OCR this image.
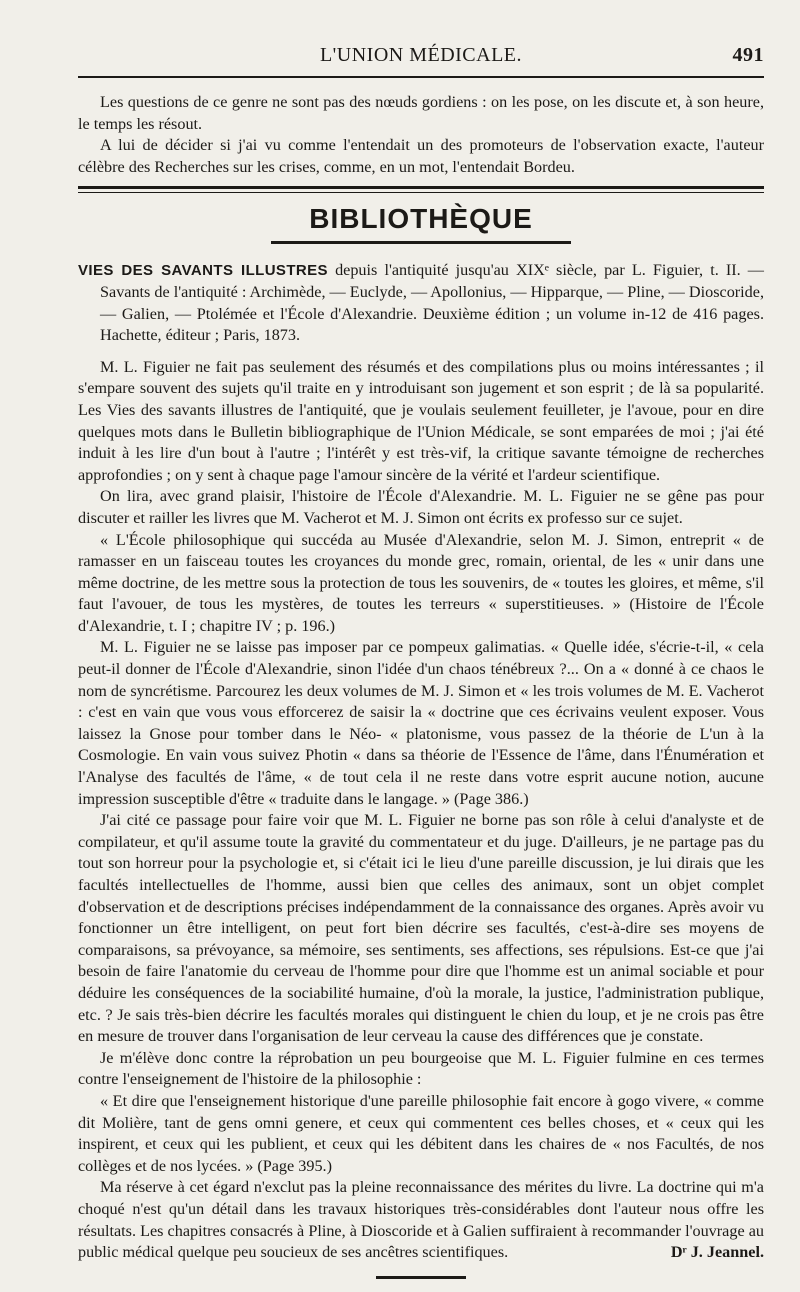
L'UNION MÉDICALE.	491

Les questions de ce genre ne sont pas des nœuds gordiens : on les pose, on les discute et, à son heure, le temps les résout.

A lui de décider si j'ai vu comme l'entendait un des promoteurs de l'observation exacte, l'auteur célèbre des Recherches sur les crises, comme, en un mot, l'entendait Bordeu.

BIBLIOTHÈQUE
VIES DES SAVANTS ILLUSTRES depuis l'antiquité jusqu'au XIXᵉ siècle, par L. Figuier, t. II. — Savants de l'antiquité : Archimède, — Euclyde, — Apollonius, — Hipparque, — Pline, — Dioscoride, — Galien, — Ptolémée et l'École d'Alexandrie. Deuxième édition ; un volume in-12 de 416 pages. Hachette, éditeur ; Paris, 1873.

M. L. Figuier ne fait pas seulement des résumés et des compilations plus ou moins intéressantes ; il s'empare souvent des sujets qu'il traite en y introduisant son jugement et son esprit ; de là sa popularité. Les Vies des savants illustres de l'antiquité, que je voulais seulement feuilleter, je l'avoue, pour en dire quelques mots dans le Bulletin bibliographique de l'Union Médicale, se sont emparées de moi ; j'ai été induit à les lire d'un bout à l'autre ; l'intérêt y est très-vif, la critique savante témoigne de recherches approfondies ; on y sent à chaque page l'amour sincère de la vérité et l'ardeur scientifique.

On lira, avec grand plaisir, l'histoire de l'École d'Alexandrie. M. L. Figuier ne se gêne pas pour discuter et railler les livres que M. Vacherot et M. J. Simon ont écrits ex professo sur ce sujet.

« L'École philosophique qui succéda au Musée d'Alexandrie, selon M. J. Simon, entreprit « de ramasser en un faisceau toutes les croyances du monde grec, romain, oriental, de les « unir dans une même doctrine, de les mettre sous la protection de tous les souvenirs, de « toutes les gloires, et même, s'il faut l'avouer, de tous les mystères, de toutes les terreurs « superstitieuses. » (Histoire de l'École d'Alexandrie, t. I ; chapitre IV ; p. 196.)

M. L. Figuier ne se laisse pas imposer par ce pompeux galimatias. « Quelle idée, s'écrie-t-il, « cela peut-il donner de l'École d'Alexandrie, sinon l'idée d'un chaos ténébreux ?... On a « donné à ce chaos le nom de syncrétisme. Parcourez les deux volumes de M. J. Simon et « les trois volumes de M. E. Vacherot : c'est en vain que vous vous efforcerez de saisir la « doctrine que ces écrivains veulent exposer. Vous laissez la Gnose pour tomber dans le Néo- « platonisme, vous passez de la théorie de L'un à la Cosmologie. En vain vous suivez Photin « dans sa théorie de l'Essence de l'âme, dans l'Énumération et l'Analyse des facultés de l'âme, « de tout cela il ne reste dans votre esprit aucune notion, aucune impression susceptible d'être « traduite dans le langage. » (Page 386.)

J'ai cité ce passage pour faire voir que M. L. Figuier ne borne pas son rôle à celui d'analyste et de compilateur, et qu'il assume toute la gravité du commentateur et du juge. D'ailleurs, je ne partage pas du tout son horreur pour la psychologie et, si c'était ici le lieu d'une pareille discussion, je lui dirais que les facultés intellectuelles de l'homme, aussi bien que celles des animaux, sont un objet complet d'observation et de descriptions précises indépendamment de la connaissance des organes. Après avoir vu fonctionner un être intelligent, on peut fort bien décrire ses facultés, c'est-à-dire ses moyens de comparaisons, sa prévoyance, sa mémoire, ses sentiments, ses affections, ses répulsions. Est-ce que j'ai besoin de faire l'anatomie du cerveau de l'homme pour dire que l'homme est un animal sociable et pour déduire les conséquences de la sociabilité humaine, d'où la morale, la justice, l'administration publique, etc. ? Je sais très-bien décrire les facultés morales qui distinguent le chien du loup, et je ne crois pas être en mesure de trouver dans l'organisation de leur cerveau la cause des différences que je constate.

Je m'élève donc contre la réprobation un peu bourgeoise que M. L. Figuier fulmine en ces termes contre l'enseignement de l'histoire de la philosophie :

« Et dire que l'enseignement historique d'une pareille philosophie fait encore à gogo vivere, « comme dit Molière, tant de gens omni genere, et ceux qui commentent ces belles choses, et « ceux qui les inspirent, et ceux qui les publient, et ceux qui les débitent dans les chaires de « nos Facultés, de nos collèges et de nos lycées. » (Page 395.)

Ma réserve à cet égard n'exclut pas la pleine reconnaissance des mérites du livre. La doctrine qui m'a choqué n'est qu'un détail dans les travaux historiques très-considérables dont l'auteur nous offre les résultats. Les chapitres consacrés à Pline, à Dioscoride et à Galien suffiraient à recommander l'ouvrage au public médical quelque peu soucieux de ses ancêtres scientifiques.	Dʳ J. Jeannel.
